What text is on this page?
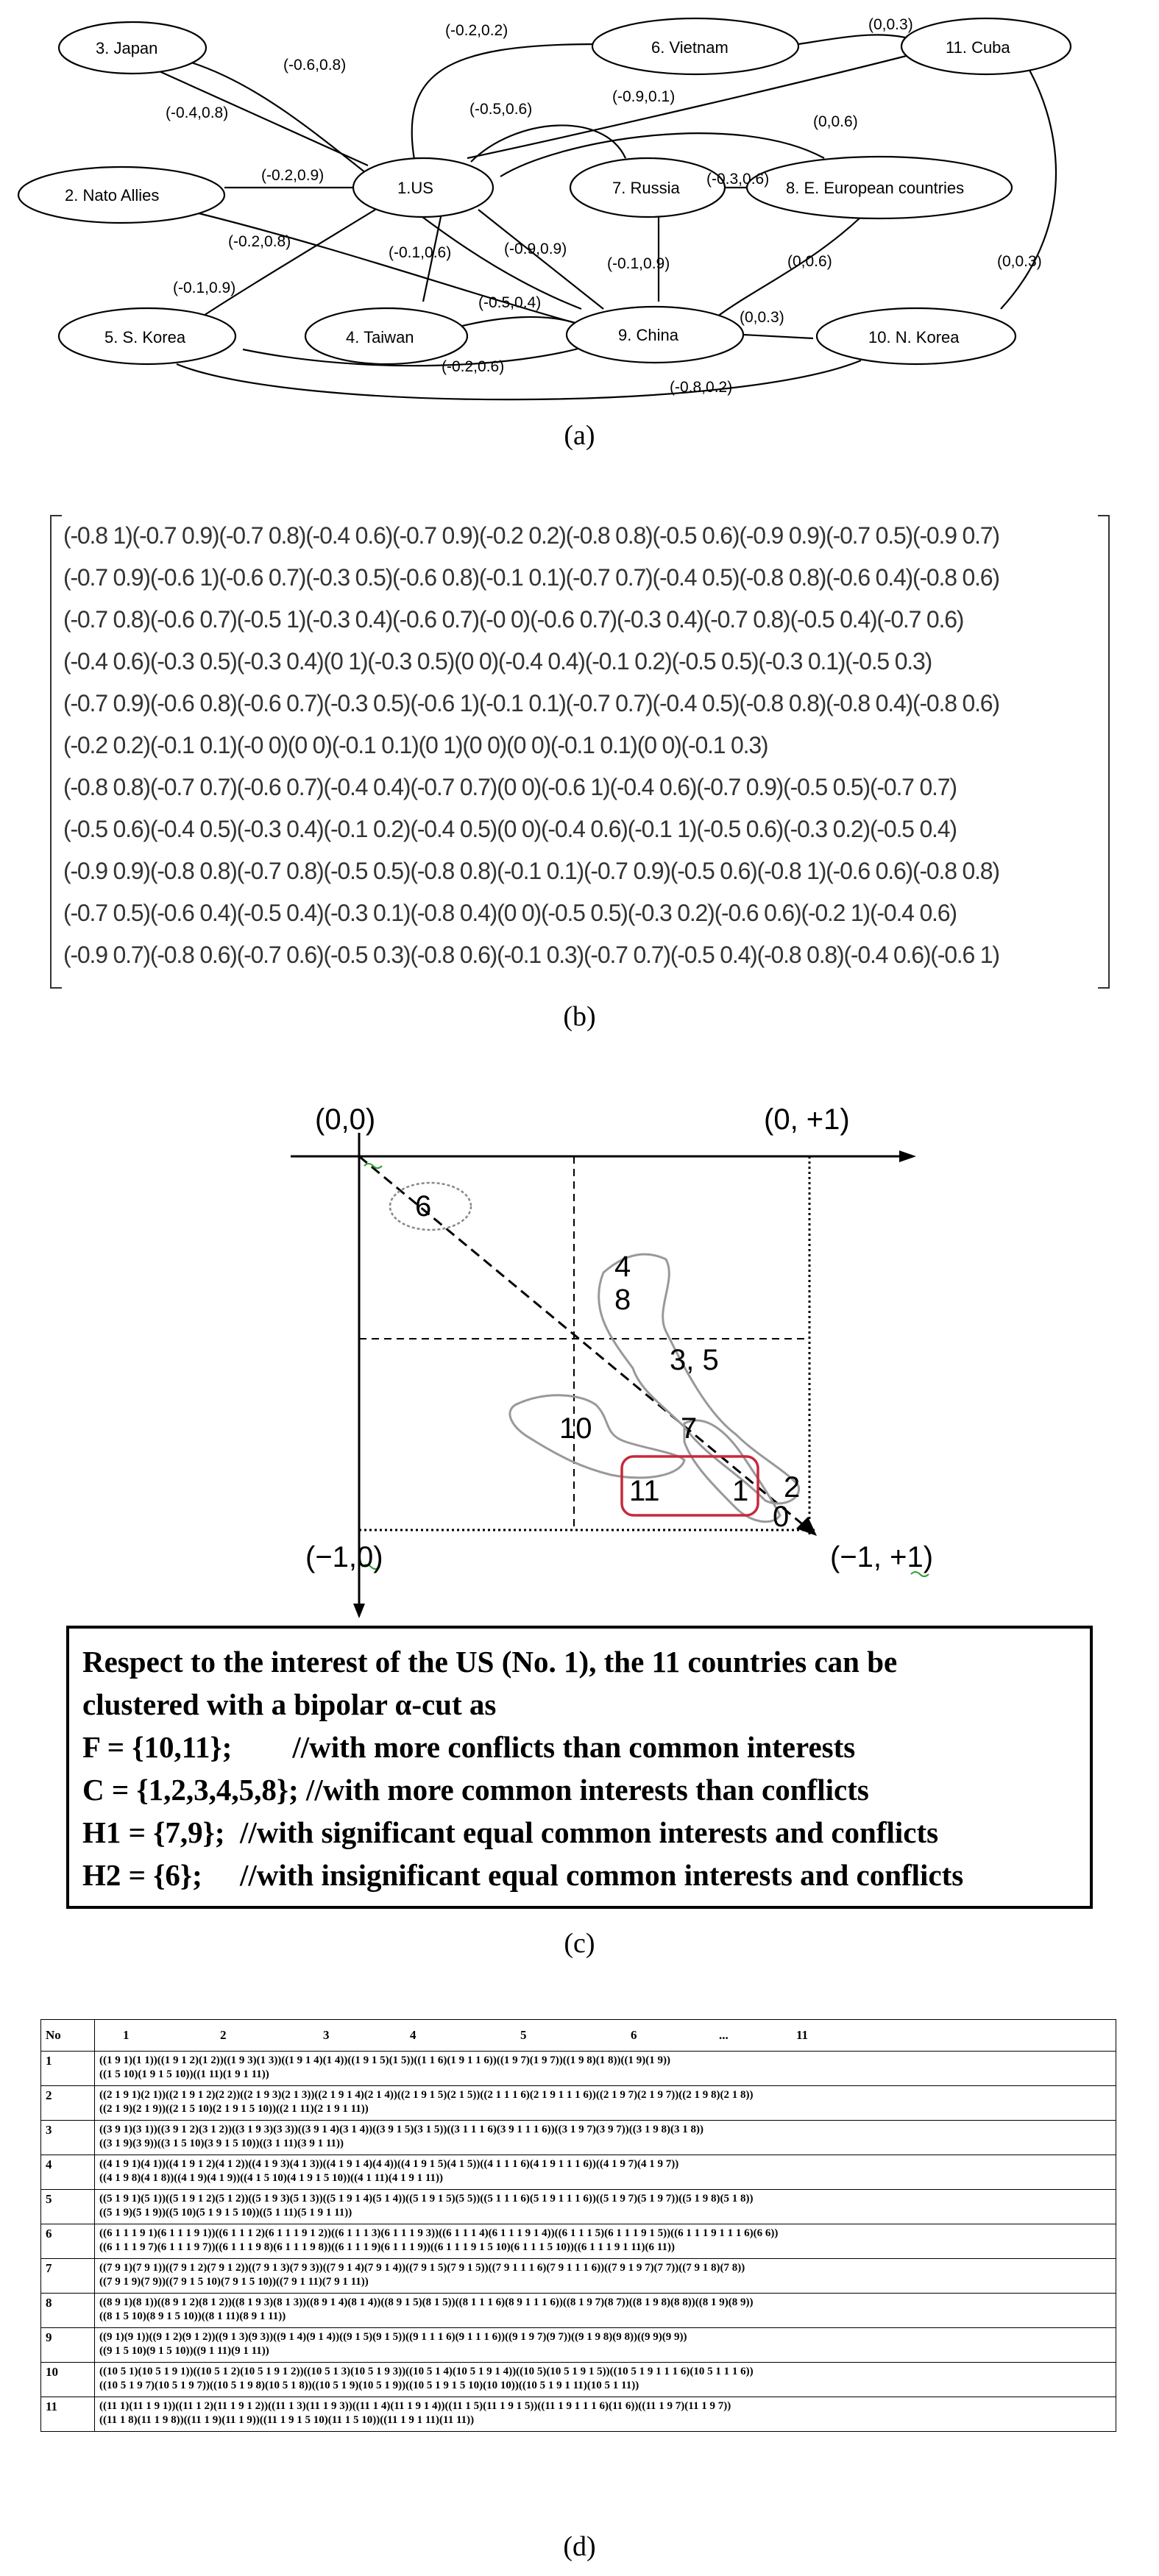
3. Japan	6. Vietnam	11. Cuba
2. Nato Allies	1.US	7. Russia	8. E. European countries
5. S. Korea	4. Taiwan	9. China	10. N. Korea
(-0.2,0.2)	(0,0.3)
(-0.6,0.8)
(-0.4,0.8)	(-0.5,0.6)
(-0.9,0.1)
(0,0.6)
(-0.2,0.9)	(-0.3,0.6)
(-0.2,0.8)
(-0.1,0.6)	(-0.9,0.9)
(-0.1,0.9)	(0,0.6)	(0,0.3)
(-0.1,0.9)
(-0.5,0.4)
(0,0.3)
(-0.2,0.6)
(-0.8,0.2)
(a)
(-0.8 1)(-0.7 0.9)(-0.7 0.8)(-0.4 0.6)(-0.7 0.9)(-0.2 0.2)(-0.8 0.8)(-0.5 0.6)(-0.9 0.9)(-0.7 0.5)(-0.9 0.7)
(-0.7 0.9)(-0.6 1)(-0.6 0.7)(-0.3 0.5)(-0.6 0.8)(-0.1 0.1)(-0.7 0.7)(-0.4 0.5)(-0.8 0.8)(-0.6 0.4)(-0.8 0.6)
(-0.7 0.8)(-0.6 0.7)(-0.5 1)(-0.3 0.4)(-0.6 0.7)(-0 0)(-0.6 0.7)(-0.3 0.4)(-0.7 0.8)(-0.5 0.4)(-0.7 0.6)
(-0.4 0.6)(-0.3 0.5)(-0.3 0.4)(0 1)(-0.3 0.5)(0 0)(-0.4 0.4)(-0.1 0.2)(-0.5 0.5)(-0.3 0.1)(-0.5 0.3)
(-0.7 0.9)(-0.6 0.8)(-0.6 0.7)(-0.3 0.5)(-0.6 1)(-0.1 0.1)(-0.7 0.7)(-0.4 0.5)(-0.8 0.8)(-0.8 0.4)(-0.8 0.6)
(-0.2 0.2)(-0.1 0.1)(-0 0)(0 0)(-0.1 0.1)(0 1)(0 0)(0 0)(-0.1 0.1)(0 0)(-0.1 0.3)
(-0.8 0.8)(-0.7 0.7)(-0.6 0.7)(-0.4 0.4)(-0.7 0.7)(0 0)(-0.6 1)(-0.4 0.6)(-0.7 0.9)(-0.5 0.5)(-0.7 0.7)
(-0.5 0.6)(-0.4 0.5)(-0.3 0.4)(-0.1 0.2)(-0.4 0.5)(0 0)(-0.4 0.6)(-0.1 1)(-0.5 0.6)(-0.3 0.2)(-0.5 0.4)
(-0.9 0.9)(-0.8 0.8)(-0.7 0.8)(-0.5 0.5)(-0.8 0.8)(-0.1 0.1)(-0.7 0.9)(-0.5 0.6)(-0.8 1)(-0.6 0.6)(-0.8 0.8)
(-0.7 0.5)(-0.6 0.4)(-0.5 0.4)(-0.3 0.1)(-0.8 0.4)(0 0)(-0.5 0.5)(-0.3 0.2)(-0.6 0.6)(-0.2 1)(-0.4 0.6)
(-0.9 0.7)(-0.8 0.6)(-0.7 0.6)(-0.5 0.3)(-0.8 0.6)(-0.1 0.3)(-0.7 0.7)(-0.5 0.4)(-0.8 0.8)(-0.4 0.6)(-0.6 1)
(b)
(0,0)	(0, +1)
(−1,0)	(−1, +1)
6
4
8
3, 5
10	7
11 1 2
0
Respect to the interest of the US (No. 1), the 11 countries can be
clustered with a bipolar α-cut as
F = {10,11};        //with more conflicts than common interests
C = {1,2,3,4,5,8}; //with more common interests than conflicts
H1 = {7,9};  //with significant equal common interests and conflicts
H2 = {6};     //with insignificant equal common interests and conflicts
(c)
No	1 2 3 4 5 6 ... 11
1	((1 9 1)(1 1))((1 9 1 2)(1 2))((1 9 3)(1 3))((1 9 1 4)(1 4))((1 9 1 5)(1 5))((1 1 6)(1 9 1 1 6))((1 9 7)(1 9 7))((1 9 8)(1 8))((1 9)(1 9))
((1 5 10)(1 9 1 5 10))((1 11)(1 9 1 11))

2	((2 1 9 1)(2 1))((2 1 9 1 2)(2 2))((2 1 9 3)(2 1 3))((2 1 9 1 4)(2 1 4))((2 1 9 1 5)(2 1 5))((2 1 1 1 6)(2 1 9 1 1 1 6))((2 1 9 7)(2 1 9 7))((2 1 9 8)(2 1 8))
((2 1 9)(2 1 9))((2 1 5 10)(2 1 9 1 5 10))((2 1 11)(2 1 9 1 11))

3	((3 9 1)(3 1))((3 9 1 2)(3 1 2))((3 1 9 3)(3 3))((3 9 1 4)(3 1 4))((3 9 1 5)(3 1 5))((3 1 1 1 6)(3 9 1 1 1 6))((3 1 9 7)(3 9 7))((3 1 9 8)(3 1 8))
((3 1 9)(3 9))((3 1 5 10)(3 9 1 5 10))((3 1 11)(3 9 1 11))

4	((4 1 9 1)(4 1))((4 1 9 1 2)(4 1 2))((4 1 9 3)(4 1 3))((4 1 9 1 4)(4 4))((4 1 9 1 5)(4 1 5))((4 1 1 1 6)(4 1 9 1 1 1 6))((4 1 9 7)(4 1 9 7))
((4 1 9 8)(4 1 8))((4 1 9)(4 1 9))((4 1 5 10)(4 1 9 1 5 10))((4 1 11)(4 1 9 1 11))

5	((5 1 9 1)(5 1))((5 1 9 1 2)(5 1 2))((5 1 9 3)(5 1 3))((5 1 9 1 4)(5 1 4))((5 1 9 1 5)(5 5))((5 1 1 1 6)(5 1 9 1 1 1 6))((5 1 9 7)(5 1 9 7))((5 1 9 8)(5 1 8))
((5 1 9)(5 1 9))((5 10)(5 1 9 1 5 10))((5 1 11)(5 1 9 1 11))

6	((6 1 1 1 9 1)(6 1 1 1 9 1))((6 1 1 1 2)(6 1 1 1 9 1 2))((6 1 1 1 3)(6 1 1 1 9 3))((6 1 1 1 4)(6 1 1 1 9 1 4))((6 1 1 1 5)(6 1 1 1 9 1 5))((6 1 1 1 9 1 1 1 6)(6 6))
((6 1 1 1 9 7)(6 1 1 1 9 7))((6 1 1 1 9 8)(6 1 1 1 9 8))((6 1 1 1 9)(6 1 1 1 9))((6 1 1 1 9 1 5 10)(6 1 1 1 5 10))((6 1 1 1 9 1 11)(6 11))

7	((7 9 1)(7 9 1))((7 9 1 2)(7 9 1 2))((7 9 1 3)(7 9 3))((7 9 1 4)(7 9 1 4))((7 9 1 5)(7 9 1 5))((7 9 1 1 1 6)(7 9 1 1 1 6))((7 9 1 9 7)(7 7))((7 9 1 8)(7 8))
((7 9 1 9)(7 9))((7 9 1 5 10)(7 9 1 5 10))((7 9 1 11)(7 9 1 11))

8	((8 9 1)(8 1))((8 9 1 2)(8 1 2))((8 1 9 3)(8 1 3))((8 9 1 4)(8 1 4))((8 9 1 5)(8 1 5))((8 1 1 1 6)(8 9 1 1 1 6))((8 1 9 7)(8 7))((8 1 9 8)(8 8))((8 1 9)(8 9))
((8 1 5 10)(8 9 1 5 10))((8 1 11)(8 9 1 11))

9	((9 1)(9 1))((9 1 2)(9 1 2))((9 1 3)(9 3))((9 1 4)(9 1 4))((9 1 5)(9 1 5))((9 1 1 1 6)(9 1 1 1 6))((9 1 9 7)(9 7))((9 1 9 8)(9 8))((9 9)(9 9))
((9 1 5 10)(9 1 5 10))((9 1 11)(9 1 11))

10	((10 5 1)(10 5 1 9 1))((10 5 1 2)(10 5 1 9 1 2))((10 5 1 3)(10 5 1 9 3))((10 5 1 4)(10 5 1 9 1 4))((10 5)(10 5 1 9 1 5))((10 5 1 9 1 1 1 6)(10 5 1 1 1 6))
((10 5 1 9 7)(10 5 1 9 7))((10 5 1 9 8)(10 5 1 8))((10 5 1 9)(10 5 1 9))((10 5 1 9 1 5 10)(10 10))((10 5 1 9 1 11)(10 5 1 11))

11	((11 1)(11 1 9 1))((11 1 2)(11 1 9 1 2))((11 1 3)(11 1 9 3))((11 1 4)(11 1 9 1 4))((11 1 5)(11 1 9 1 5))((11 1 9 1 1 1 6)(11 6))((11 1 9 7)(11 1 9 7))
((11 1 8)(11 1 9 8))((11 1 9)(11 1 9))((11 1 9 1 5 10)(11 1 5 10))((11 1 9 1 11)(11 11))
(d)
